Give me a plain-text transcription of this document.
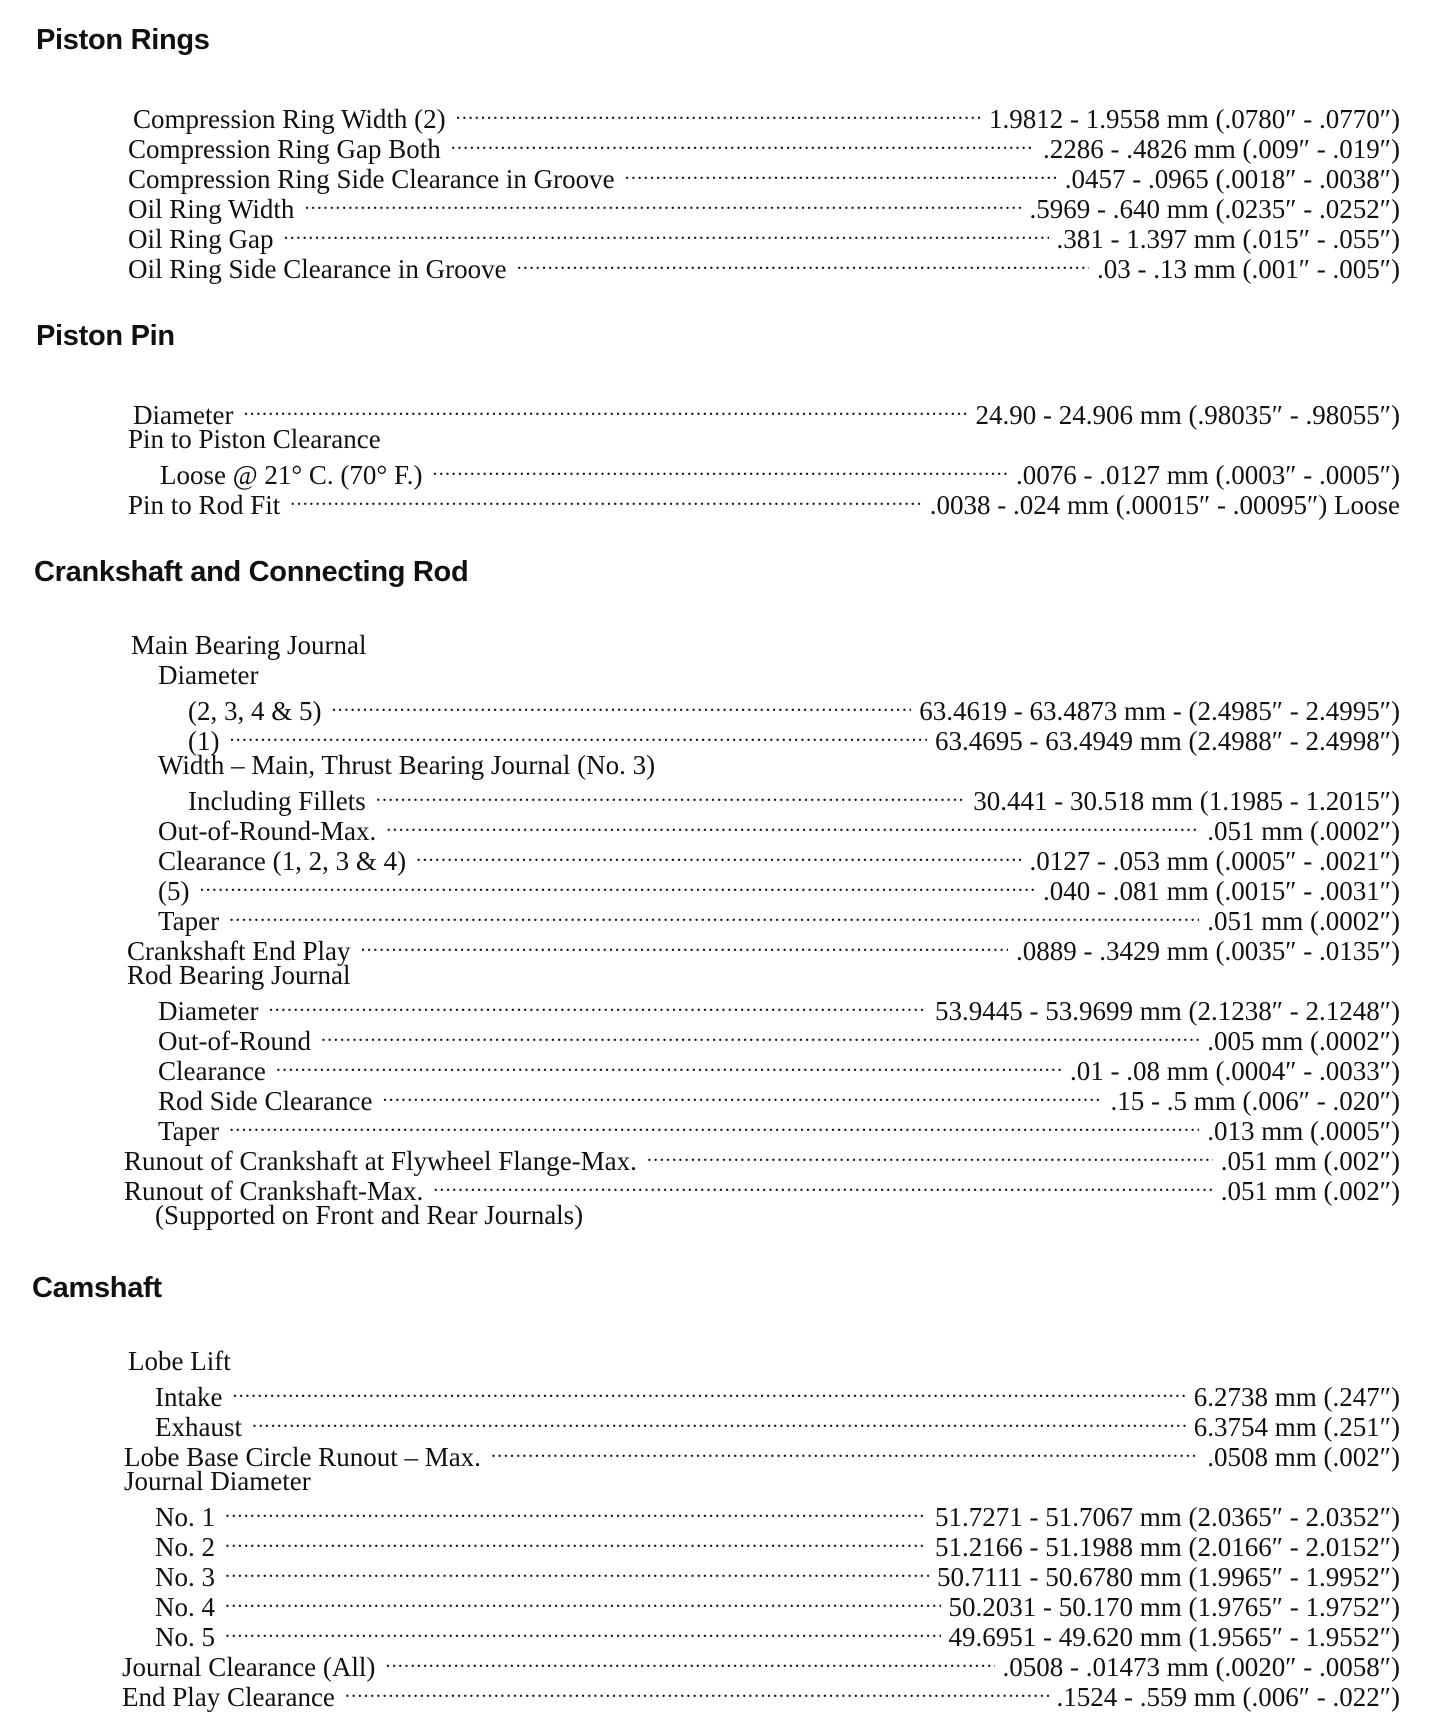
Piston Rings
Compression Ring Width (2) .....	1.9812 - 1.9558 mm (.0780″ - .0770″)
Compression Ring Gap Both .....	.2286 - .4826 mm (.009″ - .019″)
Compression Ring Side Clearance in Groove .....	.0457 - .0965 (.0018″ - .0038″)
Oil Ring Width .....	.5969 - .640 mm (.0235″ - .0252″)
Oil Ring Gap .....	.381 - 1.397 mm (.015″ - .055″)
Oil Ring Side Clearance in Groove .....	.03 - .13 mm (.001″ - .005″)
Piston Pin
Diameter .....	24.90 - 24.906 mm (.98035″ - .98055″)
Pin to Piston Clearance
Loose @ 21° C. (70° F.) .....	.0076 - .0127 mm (.0003″ - .0005″)
Pin to Rod Fit .....	.0038 - .024 mm (.00015″ - .00095″) Loose
Crankshaft and Connecting Rod
Main Bearing Journal
Diameter
(2, 3, 4 & 5) .....	63.4619 - 63.4873 mm - (2.4985″ - 2.4995″)
(1) .....	63.4695 - 63.4949 mm (2.4988″ - 2.4998″)
Width – Main, Thrust Bearing Journal (No. 3)
Including Fillets .....	30.441 - 30.518 mm (1.1985 - 1.2015″)
Out-of-Round-Max. .....	.051 mm (.0002″)
Clearance (1, 2, 3 & 4) .....	.0127 - .053 mm (.0005″ - .0021″)
(5) .....	.040 - .081 mm (.0015″ - .0031″)
Taper .....	.051 mm (.0002″)
Crankshaft End Play .....	.0889 - .3429 mm (.0035″ - .0135″)
Rod Bearing Journal
Diameter .....	53.9445 - 53.9699 mm (2.1238″ - 2.1248″)
Out-of-Round .....	.005 mm (.0002″)
Clearance .....	.01 - .08 mm (.0004″ - .0033″)
Rod Side Clearance .....	.15 - .5 mm (.006″ - .020″)
Taper .....	.013 mm (.0005″)
Runout of Crankshaft at Flywheel Flange-Max. .....	.051 mm (.002″)
Runout of Crankshaft-Max. .....	.051 mm (.002″)
(Supported on Front and Rear Journals)
Camshaft
Lobe Lift
Intake .....	6.2738 mm (.247″)
Exhaust .....	6.3754 mm (.251″)
Lobe Base Circle Runout – Max. .....	.0508 mm (.002″)
Journal Diameter
No. 1 .....	51.7271 - 51.7067 mm (2.0365″ - 2.0352″)
No. 2 .....	51.2166 - 51.1988 mm (2.0166″ - 2.0152″)
No. 3 .....	50.7111 - 50.6780 mm (1.9965″ - 1.9952″)
No. 4 .....	50.2031 - 50.170 mm (1.9765″ - 1.9752″)
No. 5 .....	49.6951 - 49.620 mm (1.9565″ - 1.9552″)
Journal Clearance (All) .....	.0508 - .01473 mm (.0020″ - .0058″)
End Play Clearance .....	.1524 - .559 mm (.006″ - .022″)
